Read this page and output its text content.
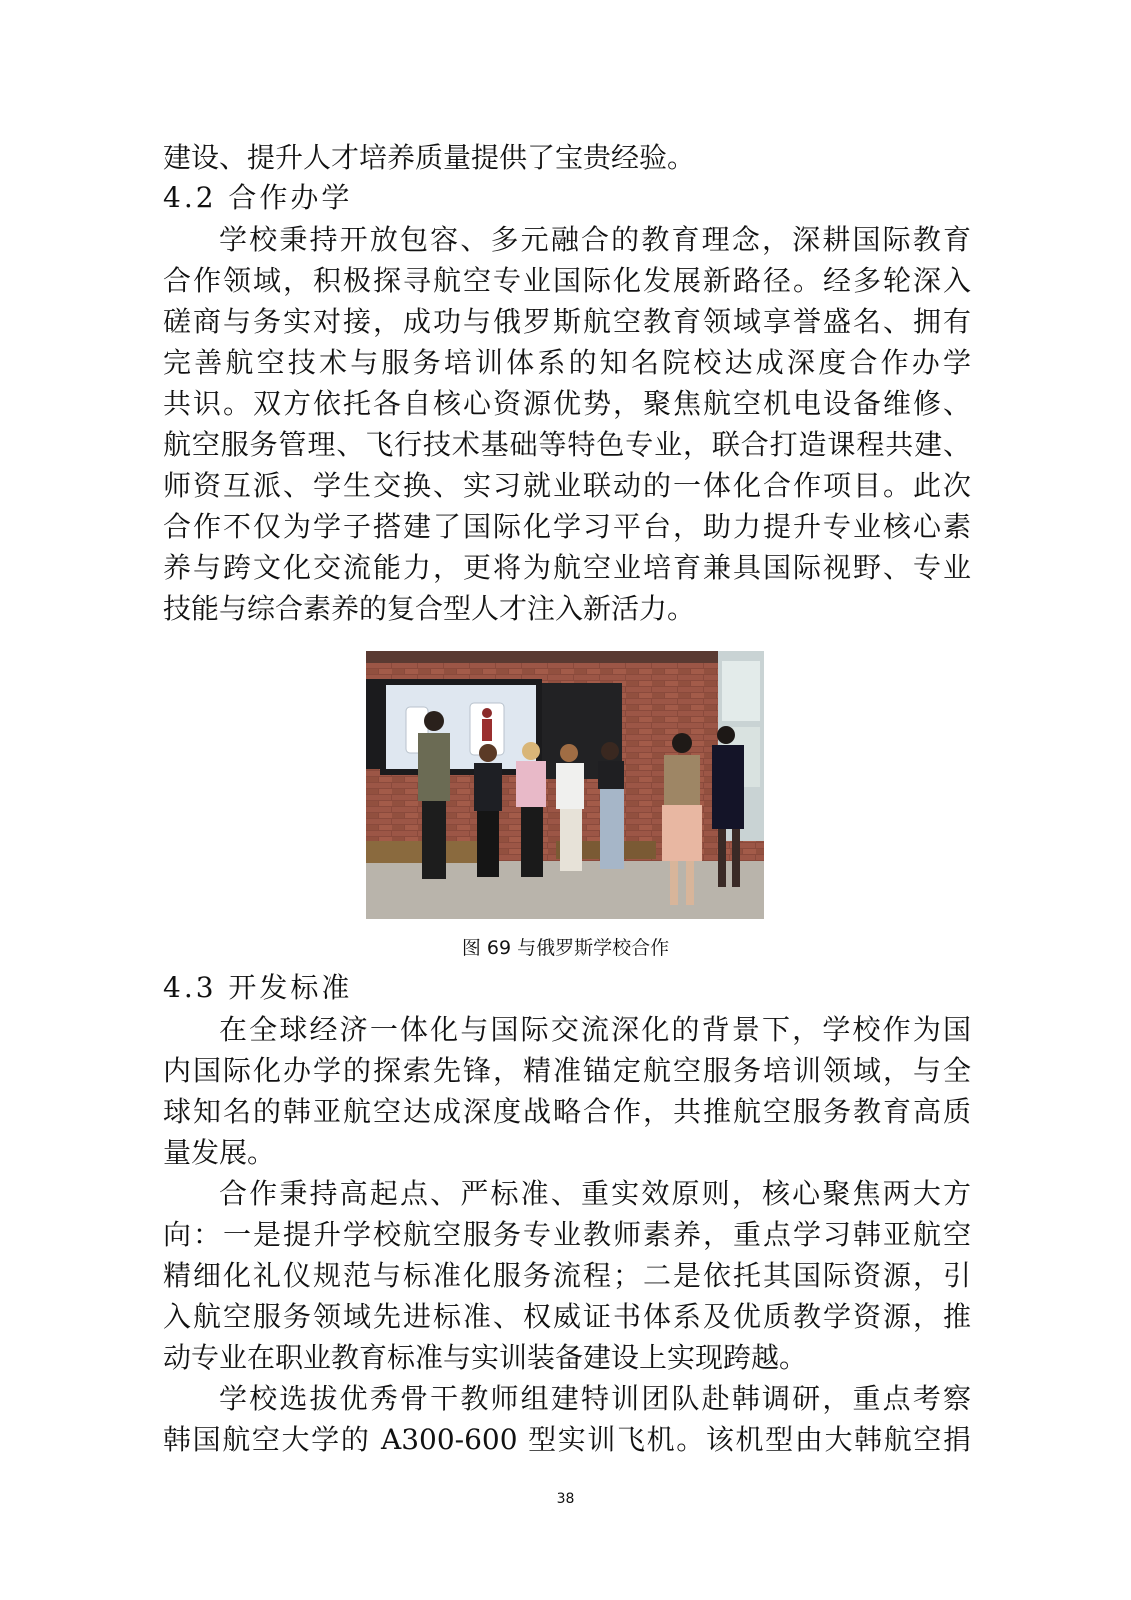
建设、提升人才培养质量提供了宝贵经验。
4.2 合作办学
学校秉持开放包容、多元融合的教育理念，深耕国际教育
合作领域，积极探寻航空专业国际化发展新路径。经多轮深入
磋商与务实对接，成功与俄罗斯航空教育领域享誉盛名、拥有
完善航空技术与服务培训体系的知名院校达成深度合作办学
共识。双方依托各自核心资源优势，聚焦航空机电设备维修、
航空服务管理、飞行技术基础等特色专业，联合打造课程共建、
师资互派、学生交换、实习就业联动的一体化合作项目。此次
合作不仅为学子搭建了国际化学习平台，助力提升专业核心素
养与跨文化交流能力，更将为航空业培育兼具国际视野、专业
技能与综合素养的复合型人才注入新活力。
图 69 与俄罗斯学校合作
4.3 开发标准
在全球经济一体化与国际交流深化的背景下，学校作为国
内国际化办学的探索先锋，精准锚定航空服务培训领域，与全
球知名的韩亚航空达成深度战略合作，共推航空服务教育高质
量发展。
合作秉持高起点、严标准、重实效原则，核心聚焦两大方
向：一是提升学校航空服务专业教师素养，重点学习韩亚航空
精细化礼仪规范与标准化服务流程；二是依托其国际资源，引
入航空服务领域先进标准、权威证书体系及优质教学资源，推
动专业在职业教育标准与实训装备建设上实现跨越。
学校选拔优秀骨干教师组建特训团队赴韩调研，重点考察
韩国航空大学的 A300-600 型实训飞机。该机型由大韩航空捐
38
